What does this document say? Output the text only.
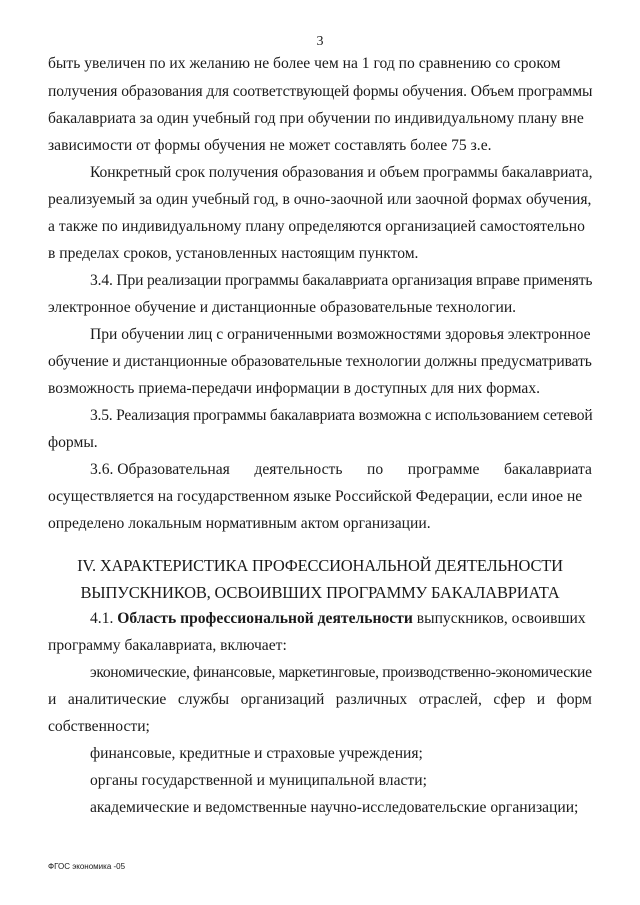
3
быть увеличен по их желанию не более чем на 1 год по сравнению со сроком
получения образования для соответствующей формы обучения. Объем программы
бакалавриата за один учебный год при обучении по индивидуальному плану вне
зависимости от формы обучения не может составлять более 75 з.е.
Конкретный срок получения образования и объем программы бакалавриата,
реализуемый за один учебный год, в очно-заочной или заочной формах обучения,
а также по индивидуальному плану определяются организацией самостоятельно
в пределах сроков, установленных настоящим пунктом.
3.4. При реализации программы бакалавриата организация вправе применять
электронное обучение и дистанционные образовательные технологии.
При обучении лиц с ограниченными возможностями здоровья электронное
обучение и дистанционные образовательные технологии должны предусматривать
возможность приема-передачи информации в доступных для них формах.
3.5. Реализация программы бакалавриата возможна с использованием сетевой
формы.
3.6. Образовательная деятельность по программе бакалавриата
осуществляется на государственном языке Российской Федерации, если иное не
определено локальным нормативным актом организации.
IV. ХАРАКТЕРИСТИКА ПРОФЕССИОНАЛЬНОЙ ДЕЯТЕЛЬНОСТИ
ВЫПУСКНИКОВ, ОСВОИВШИХ ПРОГРАММУ БАКАЛАВРИАТА
4.1. Область профессиональной деятельности выпускников, освоивших
программу бакалавриата, включает:
экономические, финансовые, маркетинговые, производственно-экономические
и аналитические службы организаций различных отраслей, сфер и форм
собственности;
финансовые, кредитные и страховые учреждения;
органы государственной и муниципальной власти;
академические и ведомственные научно-исследовательские организации;
ФГОС экономика -05
